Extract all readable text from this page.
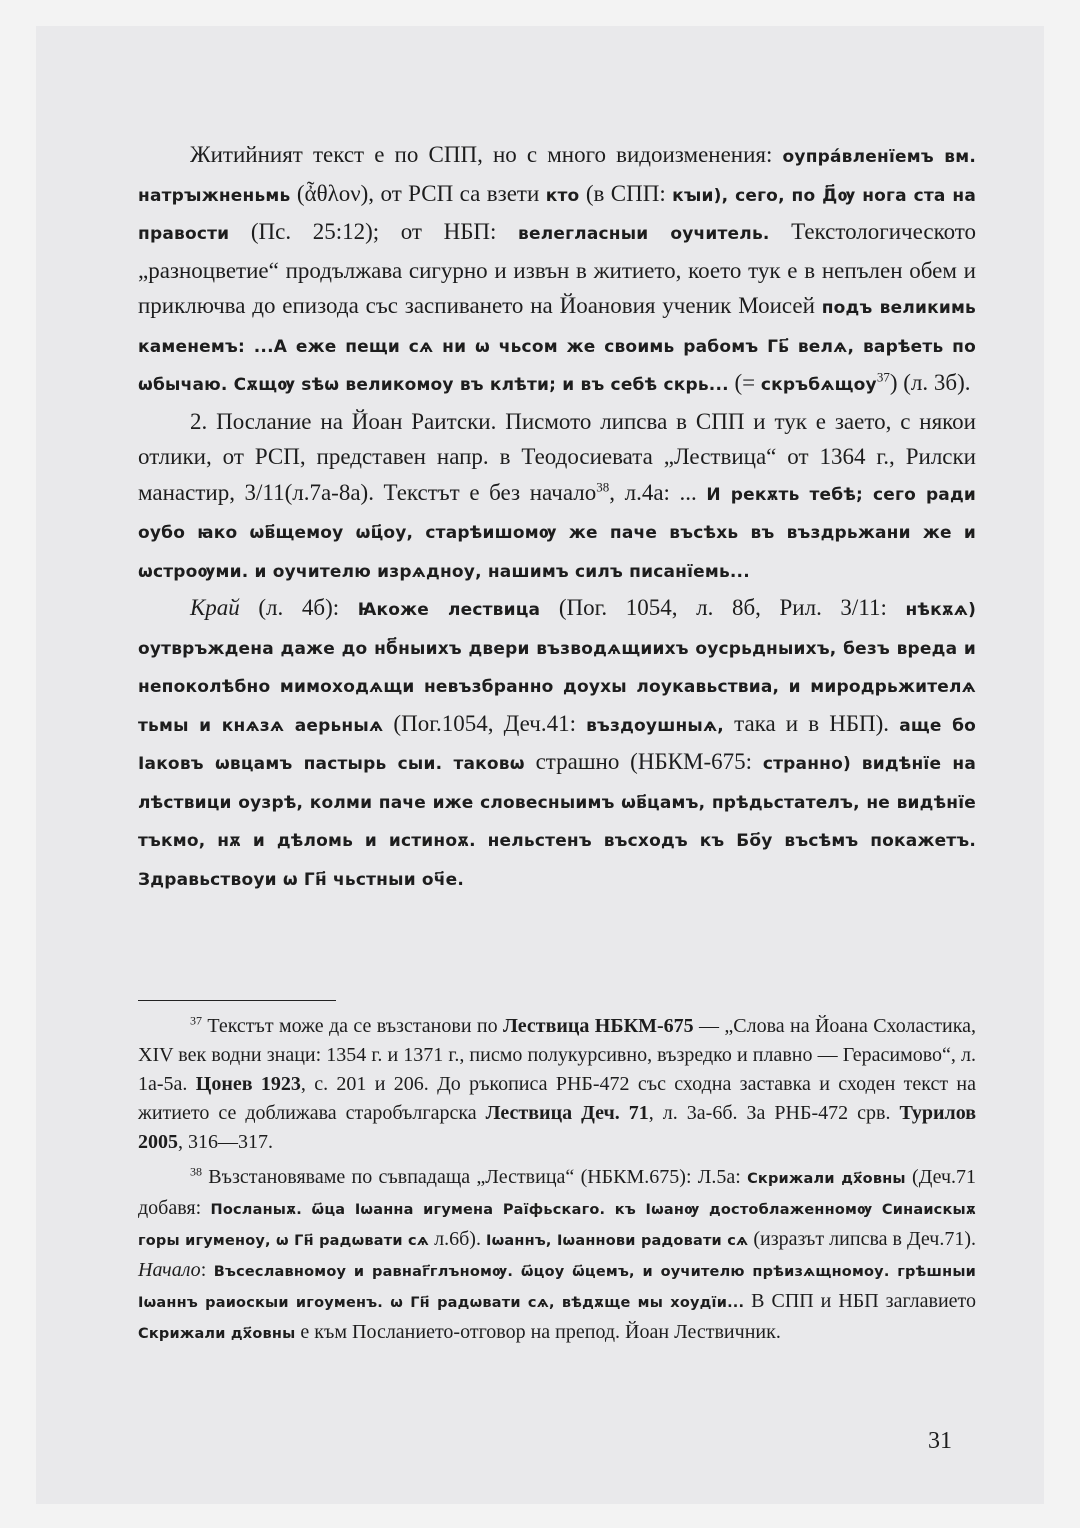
Житийният текст е по СПП, но с много видоизменения: оупрáвленїемъ вм. натрꙑжненьмь (ἆθλον), от РСП са взети кто (в СПП: кꙑи), сего, по Д҃ѹ нога ста на правости (Пс. 25:12); от НБП: велегласныи оучитель. Текстологическото „разноцветие“ продължава сигурно и извън в житието, което тук е в непълен обем и приключва до епизода със заспиването на Йоановия ученик Моисей подъ великимь каменемъ: ...А еже пещи сѧ ни ѡ чьсом же своимь рабомъ Гь҃ велѧ, варѣеть по ѡбычаю. Сѫщѹ ѕѣѡ великомоу въ клѣти; и въ себѣ скрь... (= скръбѧщоу$^{37}$) (л. 3б).

2. Послание на Йоан Раитски. Писмото липсва в СПП и тук е заето, с някои отлики, от РСП, представен напр. в Теодосиевата „Лествица“ от 1364 г., Рилски манастир, 3/11(л.7а-8а). Текстът е без начало$^{38}$, л.4а: ... И рекѫть тебѣ; сего ради оубо ꙗко ѡв҃щемоу ѡц҃оу, старѣишомѹ же паче въсѣхь въ въздрьжани же и ѡстроѹми. и оучителю изрѧдноу, нашимъ силъ писанїемь...

Край (л. 4б): Ꙗкоже лествица (Пог. 1054, л. 8б, Рил. 3/11: нѣкѫѧ) оутвръждена даже до нб҃ныихъ двери възводѧщиихъ оусрьдныихъ, безъ вреда и непоколѣбно мимоходѧщи невъзбранно доухы лоукавьствиа, и миродрьжителѧ тьмы и кнѧзѧ аерьныѧ (Пог.1054, Деч.41: въздоушныѧ, така и в НБП). аще бо Іаковъ ѡвцамъ пастырь сыи. таковѡ страшно (НБКМ-675: странно) видѣнїе на лѣствици оузрѣ, колми паче иже словесныимъ ѡв҃цамъ, прѣдьстателъ, не видѣнїе тъкмо, нѫ и дѣломь и истиноѫ. нельстенъ въсходъ къ Бо҃у въсѣмъ покажетъ. Здравьствоуи ѡ Гн҃ чьстныи оч҃е.

$^{37}$ Текстът може да се възстанови по Лествица НБКМ-675 — „Слова на Йоана Схоластика, XIV век водни знаци: 1354 г. и 1371 г., писмо полукурсивно, възредко и плавно — Герасимово“, л. 1а-5а. Цонев 1923, с. 201 и 206. До ръкописа РНБ-472 със сходна заставка и сходен текст на житието се доближава старобългарска Лествица Деч. 71, л. 3а-6б. За РНБ-472 срв. Турилов 2005, 316—317.

$^{38}$ Възстановяваме по съвпадаща „Лествица“ (НБКМ.675): Л.5а: Скрижали дх҃овны (Деч.71 добавя: Посланыѫ. ѡ҃ца Іѡанна игумена Раїфьскаго. къ Іѡанѹ достоблаженномѹ Синаискыѫ горы игуменоу, ѡ Гн҃ радѡвати сѧ л.6б). Іѡаннъ, Іѡаннови радовати сѧ (изразът липсва в Деч.71). Начало: Въсеславномоу и равнаг҃глъномѹ. ѡ҃цоу ѡ҃цемъ, и оучителю прѣизѧщномоу. грѣшныи Іѡаннъ раиоскыи игоуменъ. ѡ Гн҃ радѡвати сѧ, вѣдѫще мы хоудїи... В СПП и НБП заглавието Скрижали дх҃овны е към Посланието-отговор на препод. Йоан Лествичник.

31
